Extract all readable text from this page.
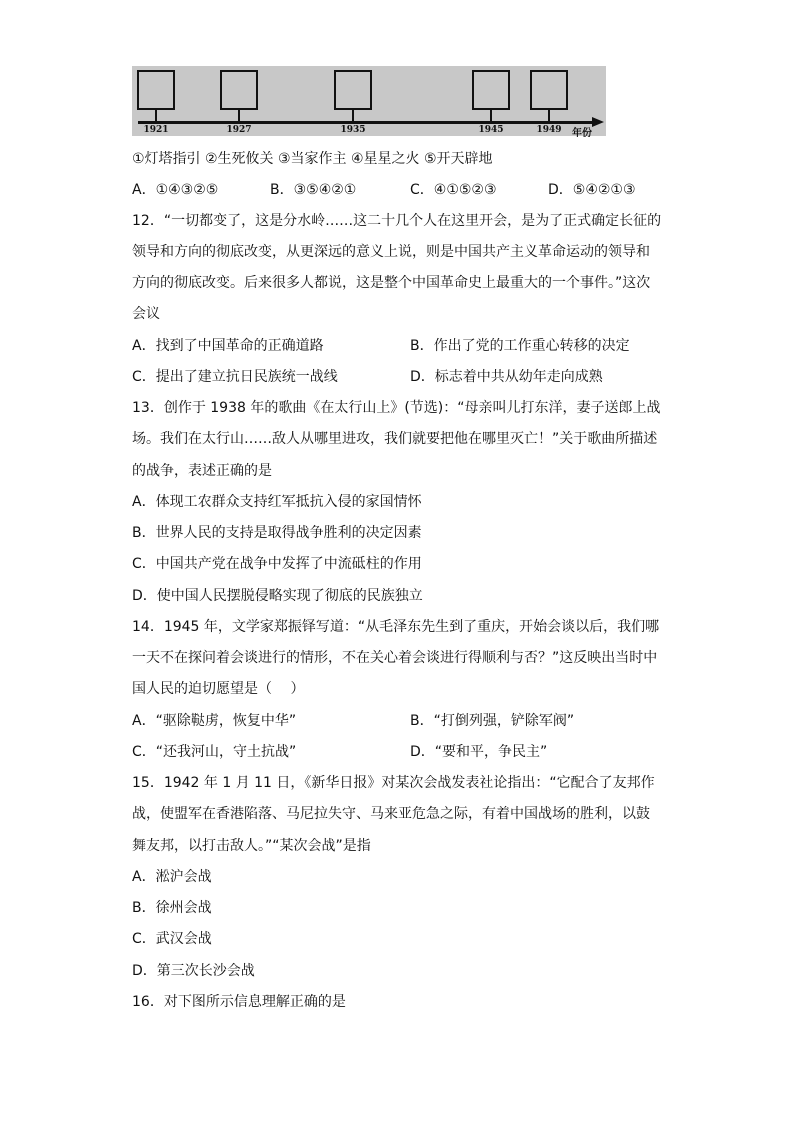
1921	1927	1935	1945	1949 年份
①灯塔指引 ②生死攸关 ③当家作主 ④星星之火 ⑤开天辟地
A．①④③②⑤	B．③⑤④②①	C．④①⑤②③	D．⑤④②①③
12．“一切都变了，这是分水岭……这二十几个人在这里开会，是为了正式确定长征的
领导和方向的彻底改变，从更深远的意义上说，则是中国共产主义革命运动的领导和
方向的彻底改变。后来很多人都说，这是整个中国革命史上最重大的一个事件。”这次
会议
A．找到了中国革命的正确道路	B．作出了党的工作重心转移的决定
C．提出了建立抗日民族统一战线	D．标志着中共从幼年走向成熟
13．创作于 1938 年的歌曲《在太行山上》(节选)：“母亲叫儿打东洋，妻子送郎上战
场。我们在太行山……敌人从哪里进攻，我们就要把他在哪里灭亡！”关于歌曲所描述
的战争，表述正确的是
A．体现工农群众支持红军抵抗入侵的家国情怀
B．世界人民的支持是取得战争胜利的决定因素
C．中国共产党在战争中发挥了中流砥柱的作用
D．使中国人民摆脱侵略实现了彻底的民族独立
14．1945 年，文学家郑振铎写道：“从毛泽东先生到了重庆，开始会谈以后，我们哪
一天不在探问着会谈进行的情形，不在关心着会谈进行得顺利与否？”这反映出当时中
国人民的迫切愿望是（　 ）
A．“驱除鞑虏，恢复中华”	B．“打倒列强，铲除军阀”
C．“还我河山，守土抗战”	D．“要和平，争民主”
15．1942 年 1 月 11 日，《新华日报》对某次会战发表社论指出：“它配合了友邦作
战，使盟军在香港陷落、马尼拉失守、马来亚危急之际，有着中国战场的胜利，以鼓
舞友邦，以打击敌人。”“某次会战”是指
A．淞沪会战
B．徐州会战
C．武汉会战
D．第三次长沙会战
16．对下图所示信息理解正确的是
